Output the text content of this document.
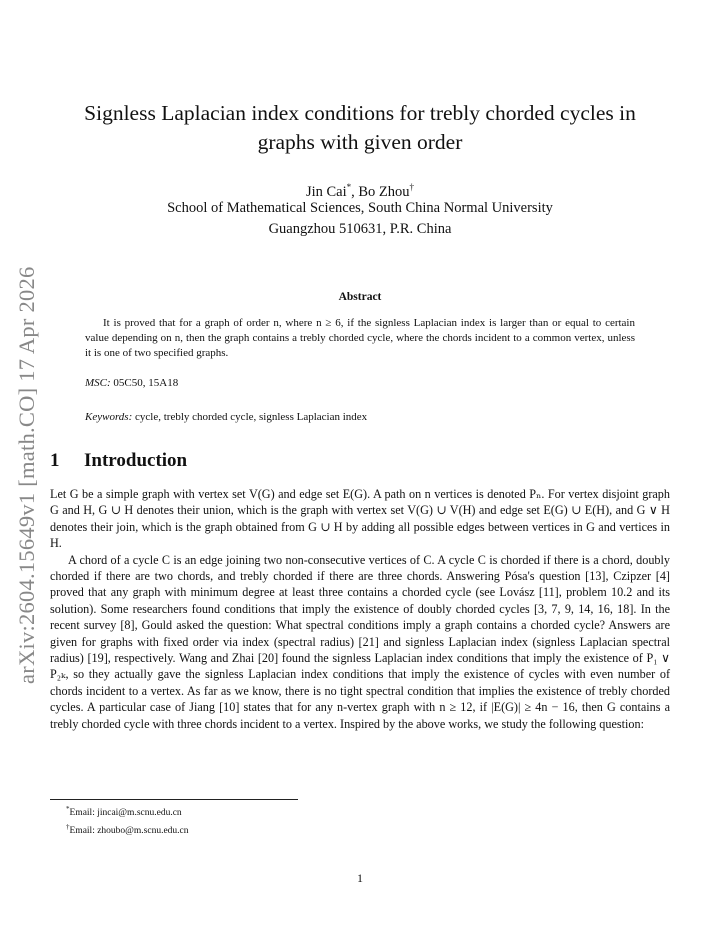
arXiv:2604.15649v1 [math.CO] 17 Apr 2026
Signless Laplacian index conditions for trebly chorded cycles in
graphs with given order
Jin Cai*, Bo Zhou†
School of Mathematical Sciences, South China Normal University
Guangzhou 510631, P.R. China
Abstract
It is proved that for a graph of order n, where n ≥ 6, if the signless Laplacian index is larger than or equal to certain value depending on n, then the graph contains a trebly chorded cycle, where the chords incident to a common vertex, unless it is one of two specified graphs.
MSC: 05C50, 15A18
Keywords: cycle, trebly chorded cycle, signless Laplacian index
1 Introduction

Let G be a simple graph with vertex set V(G) and edge set E(G). A path on n vertices is denoted Pₙ. For vertex disjoint graph G and H, G ∪ H denotes their union, which is the graph with vertex set V(G) ∪ V(H) and edge set E(G) ∪ E(H), and G ∨ H denotes their join, which is the graph obtained from G ∪ H by adding all possible edges between vertices in G and vertices in H.

A chord of a cycle C is an edge joining two non-consecutive vertices of C. A cycle C is chorded if there is a chord, doubly chorded if there are two chords, and trebly chorded if there are three chords. Answering Pósa's question [13], Czipzer [4] proved that any graph with minimum degree at least three contains a chorded cycle (see Lovász [11], problem 10.2 and its solution). Some researchers found conditions that imply the existence of doubly chorded cycles [3, 7, 9, 14, 16, 18]. In the recent survey [8], Gould asked the question: What spectral conditions imply a graph contains a chorded cycle? Answers are given for graphs with fixed order via index (spectral radius) [21] and signless Laplacian index (signless Laplacian spectral radius) [19], respectively. Wang and Zhai [20] found the signless Laplacian index conditions that imply the existence of P₁ ∨ P₂ₖ, so they actually gave the signless Laplacian index conditions that imply the existence of cycles with even number of chords incident to a vertex. As far as we know, there is no tight spectral condition that implies the existence of trebly chorded cycles. A particular case of Jiang [10] states that for any n-vertex graph with n ≥ 12, if |E(G)| ≥ 4n − 16, then G contains a trebly chorded cycle with three chords incident to a vertex. Inspired by the above works, we study the following question:

*Email: jincai@m.scnu.edu.cn
†Email: zhoubo@m.scnu.edu.cn
1
